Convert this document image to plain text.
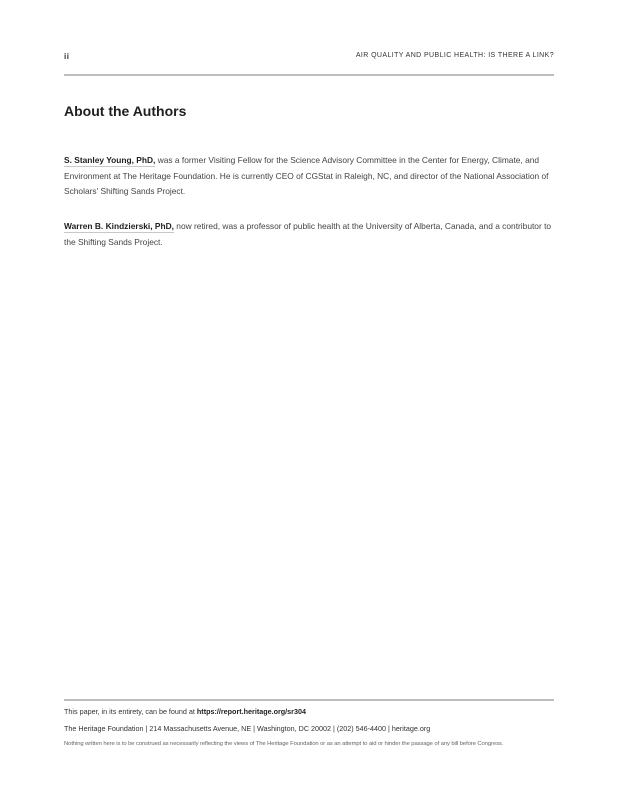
ii	AIR QUALITY AND PUBLIC HEALTH: IS THERE A LINK?
About the Authors
S. Stanley Young, PhD, was a former Visiting Fellow for the Science Advisory Committee in the Center for Energy, Climate, and Environment at The Heritage Foundation. He is currently CEO of CGStat in Raleigh, NC, and director of the National Association of Scholars' Shifting Sands Project.
Warren B. Kindzierski, PhD, now retired, was a professor of public health at the University of Alberta, Canada, and a contributor to the Shifting Sands Project.
This paper, in its entirety, can be found at https://report.heritage.org/sr304
The Heritage Foundation | 214 Massachusetts Avenue, NE | Washington, DC 20002 | (202) 546-4400 | heritage.org
Nothing written here is to be construed as necessarily reflecting the views of The Heritage Foundation or as an attempt to aid or hinder the passage of any bill before Congress.
